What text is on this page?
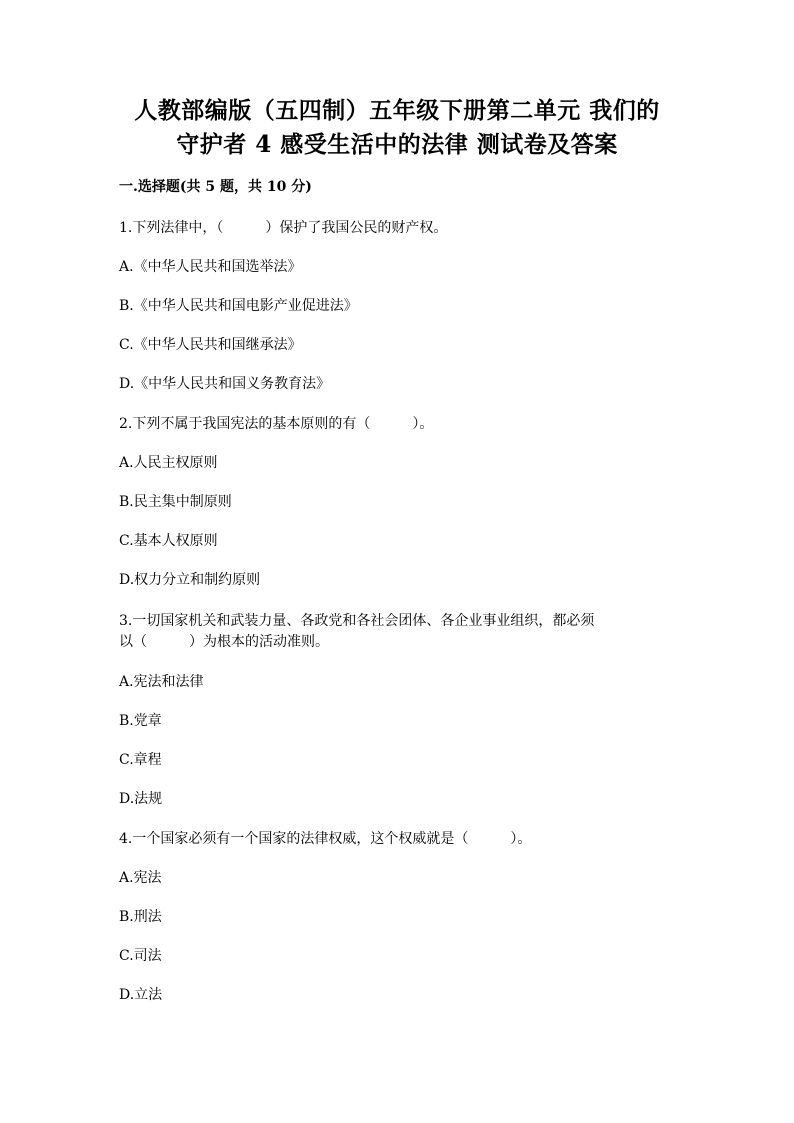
人教部编版（五四制）五年级下册第二单元 我们的
守护者 4 感受生活中的法律 测试卷及答案
一.选择题(共 5 题，共 10 分)
1.下列法律中，（　　　）保护了我国公民的财产权。
A.《中华人民共和国选举法》
B.《中华人民共和国电影产业促进法》
C.《中华人民共和国继承法》
D.《中华人民共和国义务教育法》
2.下列不属于我国宪法的基本原则的有（　　　）。
A.人民主权原则
B.民主集中制原则
C.基本人权原则
D.权力分立和制约原则
3.一切国家机关和武装力量、各政党和各社会团体、各企业事业组织，都必须
以（　　　）为根本的活动准则。
A.宪法和法律
B.党章
C.章程
D.法规
4.一个国家必须有一个国家的法律权威，这个权威就是（　　　）。
A.宪法
B.刑法
C.司法
D.立法
